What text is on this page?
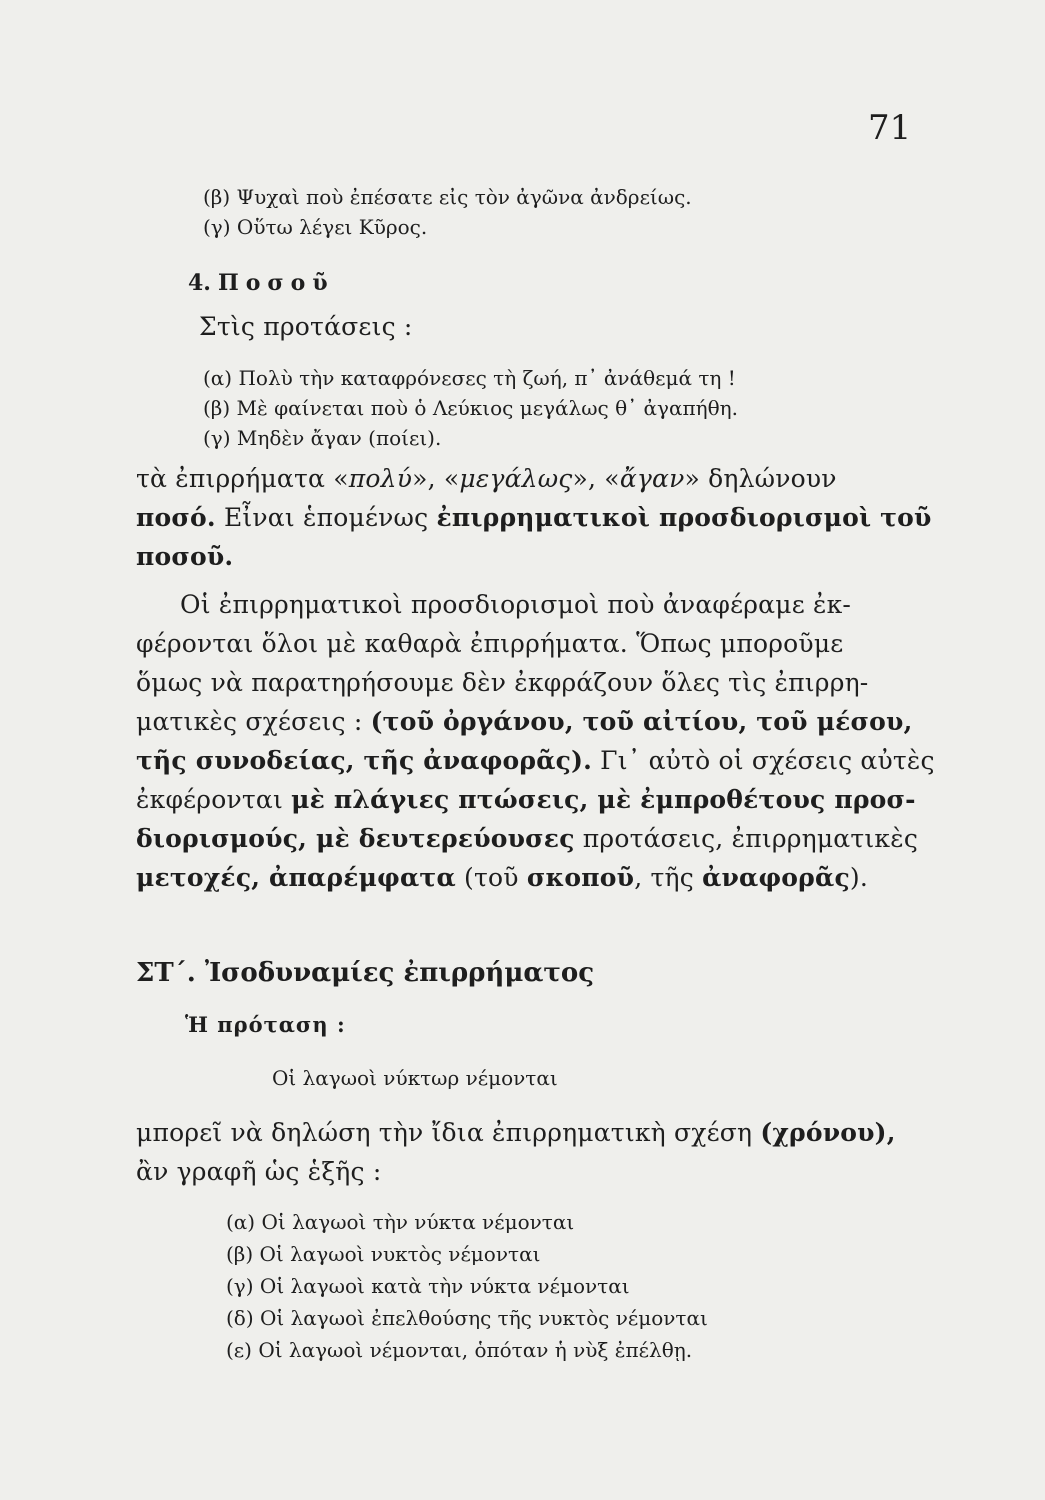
71
(β) Ψυχαὶ ποὺ ἐπέσατε εἰς τὸν ἀγῶνα ἀνδρείως.
(γ) Οὕτω λέγει Κῦρος.
4. Ποσοῦ
Στὶς προτάσεις :
(α) Πολὺ τὴν καταφρόνεσες τὴ ζωή, π᾽ ἀνάθεμά τη !
(β) Μὲ φαίνεται ποὺ ὁ Λεύκιος μεγάλως θ᾽ ἀγαπήθη.
(γ) Μηδὲν ἄγαν (ποίει).
τὰ ἐπιρρήματα «πολύ», «μεγάλως», «ἄγαν» δηλώνουν
ποσό. Εἶναι ἑπομένως ἐπιρρηματικοὶ προσδιορισμοὶ τοῦ
ποσοῦ.
Οἱ ἐπιρρηματικοὶ προσδιορισμοὶ ποὺ ἀναφέραμε ἐκ-
φέρονται ὅλοι μὲ καθαρὰ ἐπιρρήματα. Ὅπως μποροῦμε
ὅμως νὰ παρατηρήσουμε δὲν ἐκφράζουν ὅλες τὶς ἐπιρρη-
ματικὲς σχέσεις : (τοῦ ὀργάνου, τοῦ αἰτίου, τοῦ μέσου,
τῆς συνοδείας, τῆς ἀναφορᾶς). Γι᾽ αὐτὸ οἱ σχέσεις αὐτὲς
ἐκφέρονται μὲ πλάγιες πτώσεις, μὲ ἐμπροθέτους προσ-
διορισμούς, μὲ δευτερεύουσες προτάσεις, ἐπιρρηματικὲς
μετοχές, ἀπαρέμφατα (τοῦ σκοποῦ, τῆς ἀναφορᾶς).
ΣΤ΄. Ἰσοδυναμίες ἐπιρρήματος
Ἡ πρόταση :
Οἱ λαγωοὶ νύκτωρ νέμονται
μπορεῖ νὰ δηλώση τὴν ἴδια ἐπιρρηματικὴ σχέση (χρόνου),
ἂν γραφῆ ὡς ἑξῆς :
(α) Οἱ λαγωοὶ τὴν νύκτα νέμονται
(β) Οἱ λαγωοὶ νυκτὸς νέμονται
(γ) Οἱ λαγωοὶ κατὰ τὴν νύκτα νέμονται
(δ) Οἱ λαγωοὶ ἐπελθούσης τῆς νυκτὸς νέμονται
(ε) Οἱ λαγωοὶ νέμονται, ὁπόταν ἡ νὺξ ἐπέλθῃ.
